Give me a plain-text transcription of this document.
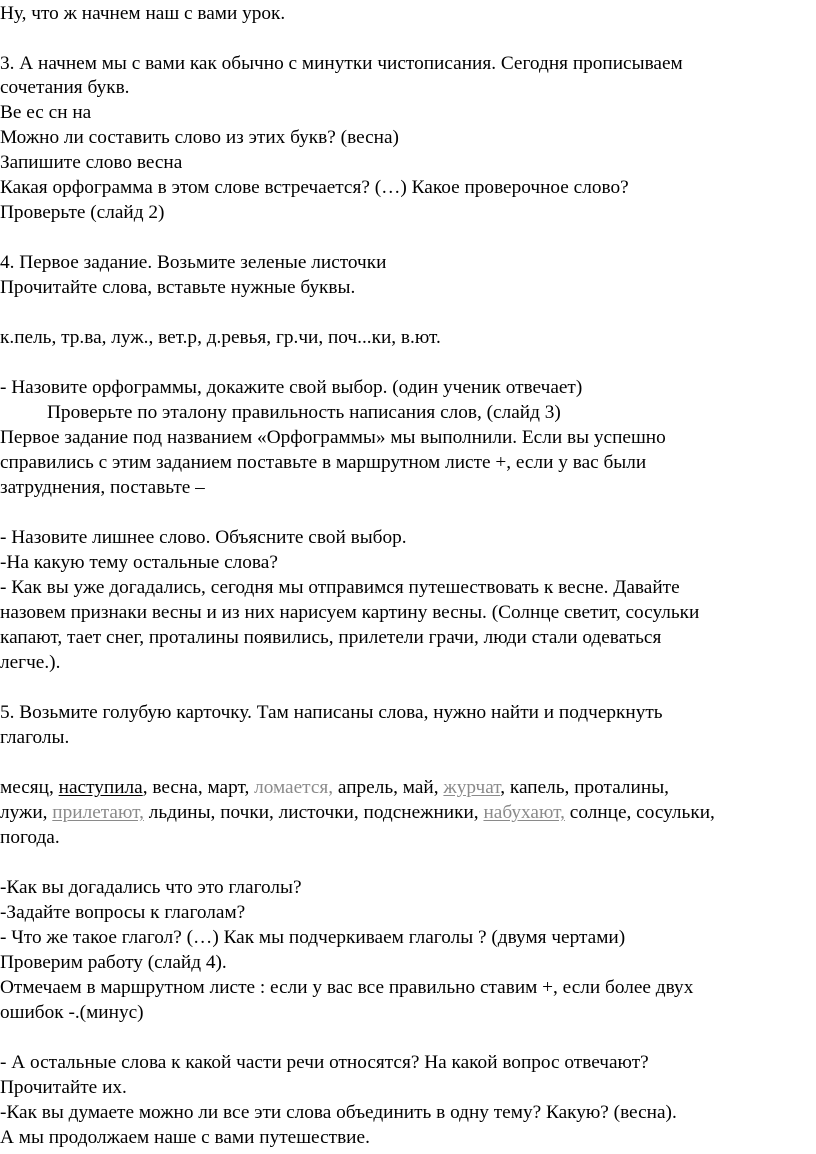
Ну, что ж начнем наш с вами урок.
3. А начнем мы с вами как обычно с минутки чистописания. Сегодня прописываем
сочетания букв.
Ве ес сн на
Можно ли составить слово из этих букв? (весна)
Запишите слово весна
Какая орфограмма в этом слове встречается? (…) Какое проверочное слово?
Проверьте (слайд 2)
4. Первое задание. Возьмите зеленые листочки
Прочитайте слова, вставьте нужные буквы.
к.пель, тр.ва, луж., вет.р, д.ревья, гр.чи, поч...ки, в.ют.
- Назовите орфограммы, докажите свой выбор. (один ученик отвечает)
Проверьте по эталону правильность написания слов, (слайд 3)
Первое задание под названием «Орфограммы» мы выполнили. Если вы успешно
справились с этим заданием поставьте в маршрутном листе +, если у вас были
затруднения, поставьте –
- Назовите лишнее слово. Объясните свой выбор.
-На какую тему остальные слова?
- Как вы уже догадались, сегодня мы отправимся путешествовать к весне. Давайте
назовем признаки весны и из них нарисуем картину весны. (Солнце светит, сосульки
капают, тает снег, проталины появились, прилетели грачи, люди стали одеваться
легче.).
5. Возьмите голубую карточку. Там написаны слова, нужно найти и подчеркнуть
глаголы.
месяц, наступила, весна, март, ломается, апрель, май, журчат, капель, проталины,
лужи, прилетают, льдины, почки, листочки, подснежники, набухают, солнце, сосульки,
погода.
-Как вы догадались что это глаголы?
-Задайте вопросы к глаголам?
- Что же такое глагол? (…) Как мы подчеркиваем глаголы ? (двумя чертами)
Проверим работу (слайд 4).
Отмечаем в маршрутном листе : если у вас все правильно ставим +, если более двух
ошибок -.(минус)
- А остальные слова к какой части речи относятся? На какой вопрос отвечают?
Прочитайте их.
-Как вы думаете можно ли все эти слова объединить в одну тему? Какую? (весна).
А мы продолжаем наше с вами путешествие.
